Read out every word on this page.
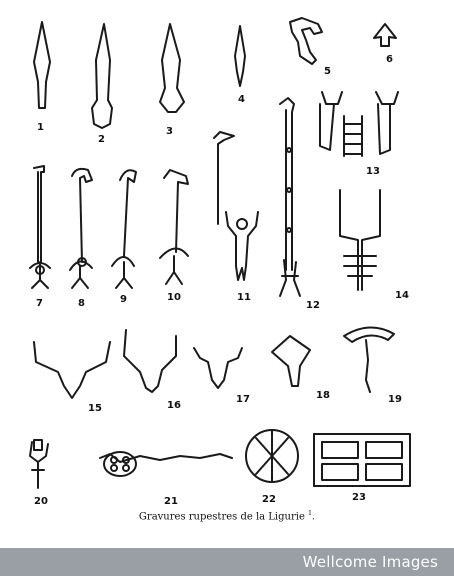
1
2
3
4
5
6
7	8	9	10	11
12
13
14
15	16
17	18	19
20	21	22	23
Gravures rupestres de la Ligurie $^1$.
Wellcome Images
